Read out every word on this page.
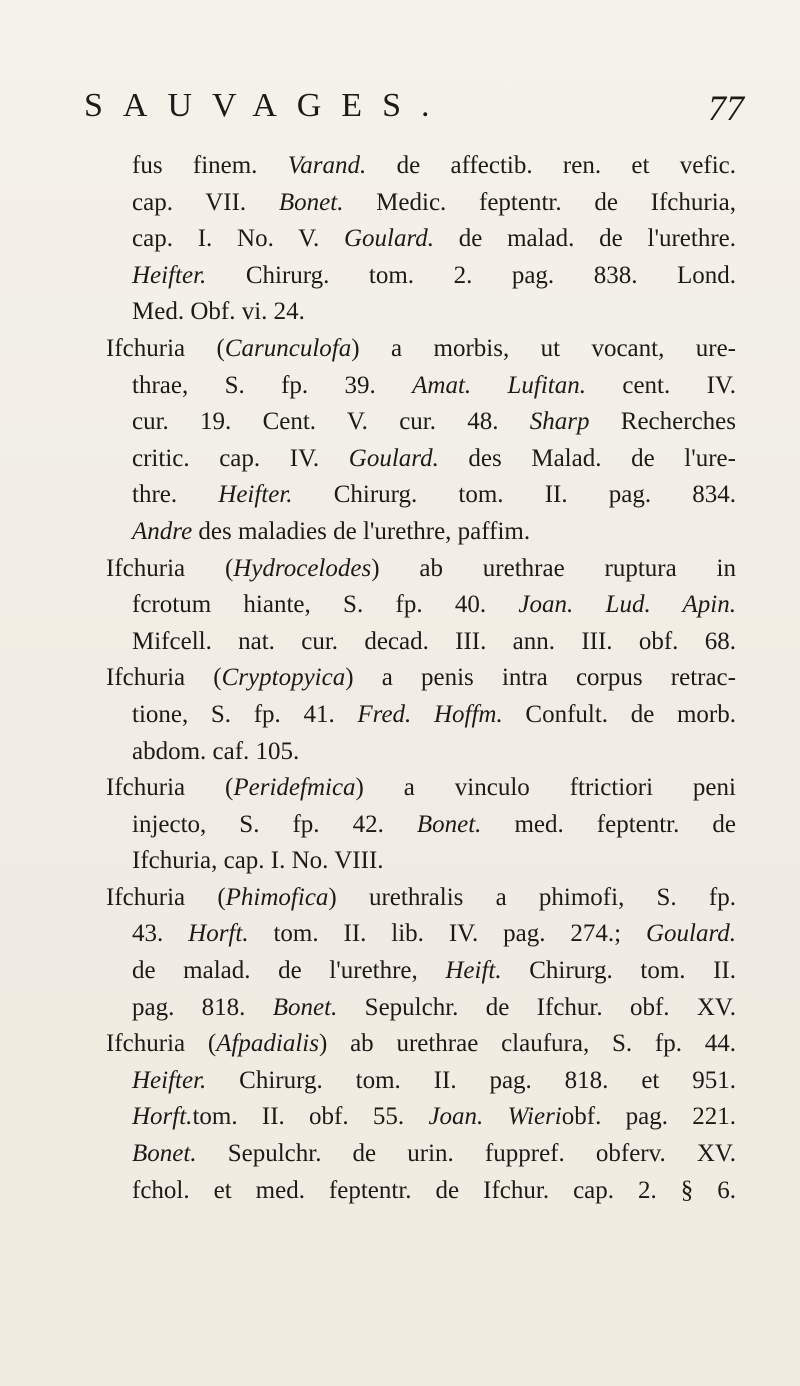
SAUVAGES.	77
fus finem. Varand. de affectib. ren. et vefic.
cap. VII. Bonet. Medic. feptentr. de Ifchuria,
cap. I. No. V. Goulard. de malad. de l'urethre.
Heifter. Chirurg. tom. 2. pag. 838. Lond.
Med. Obf. vi. 24.
Ifchuria (Carunculofa) a morbis, ut vocant, ure-
thrae, S. fp. 39. Amat. Lufitan. cent. IV.
cur. 19. Cent. V. cur. 48. Sharp Recherches
critic. cap. IV. Goulard. des Malad. de l'ure-
thre. Heifter. Chirurg. tom. II. pag. 834.
Andre des maladies de l'urethre, paffim.
Ifchuria (Hydrocelodes) ab urethrae ruptura in
fcrotum hiante, S. fp. 40. Joan. Lud. Apin.
Mifcell. nat. cur. decad. III. ann. III. obf. 68.
Ifchuria (Cryptopyica) a penis intra corpus retrac-
tione, S. fp. 41. Fred. Hoffm. Confult. de morb.
abdom. caf. 105.
Ifchuria (Peridefmica) a vinculo ftrictiori peni
injecto, S. fp. 42. Bonet. med. feptentr. de
Ifchuria, cap. I. No. VIII.
Ifchuria (Phimofica) urethralis a phimofi, S. fp.
43. Horft. tom. II. lib. IV. pag. 274.; Goulard.
de malad. de l'urethre, Heift. Chirurg. tom. II.
pag. 818. Bonet. Sepulchr. de Ifchur. obf. XV.
Ifchuria (Afpadialis) ab urethrae claufura, S. fp. 44.
Heifter. Chirurg. tom. II. pag. 818. et 951.
Horft.tom. II. obf. 55. Joan. Wieriobf. pag. 221.
Bonet. Sepulchr. de urin. fuppref. obferv. XV.
fchol. et med. feptentr. de Ifchur. cap. 2. § 6.
